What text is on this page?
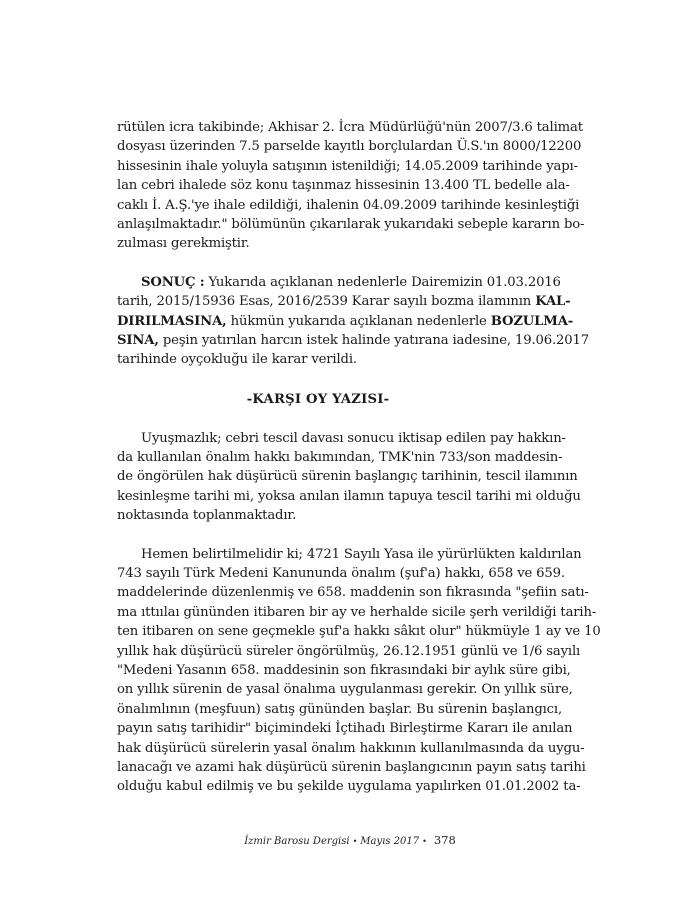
rütülen icra takibinde; Akhisar 2. İcra Müdürlüğü'nün 2007/3.6 talimat
dosyası üzerinden 7.5 parselde kayıtlı borçlulardan Ü.S.'ın 8000/12200
hissesinin ihale yoluyla satışının istenildiği; 14.05.2009 tarihinde yapı-
lan cebri ihalede söz konu taşınmaz hissesinin 13.400 TL bedelle ala-
caklı İ. A.Ş.'ye ihale edildiği, ihalenin 04.09.2009 tarihinde kesinleştiği
anlaşılmaktadır." bölümünün çıkarılarak yukarıdaki sebeple kararın bo-
zulması gerekmiştir.
SONUÇ : Yukarıda açıklanan nedenlerle Dairemizin 01.03.2016
tarih, 2015/15936 Esas, 2016/2539 Karar sayılı bozma ilamının KAL-
DIRILMASINA, hükmün yukarıda açıklanan nedenlerle BOZULMA-
SINA, peşin yatırılan harcın istek halinde yatırana iadesine, 19.06.2017
tarihinde oyçokluğu ile karar verildi.
-KARŞI OY YAZISI-
Uyuşmazlık; cebri tescil davası sonucu iktisap edilen pay hakkın-
da kullanılan önalım hakkı bakımından, TMK'nin 733/son maddesin-
de öngörülen hak düşürücü sürenin başlangıç tarihinin, tescil ilamının
kesinleşme tarihi mi, yoksa anılan ilamın tapuya tescil tarihi mi olduğu
noktasında toplanmaktadır.
Hemen belirtilmelidir ki; 4721 Sayılı Yasa ile yürürlükten kaldırılan
743 sayılı Türk Medeni Kanununda önalım (şuf'a) hakkı, 658 ve 659.
maddelerinde düzenlenmiş ve 658. maddenin son fıkrasında "şefiin satı-
ma ıttıılaı gününden itibaren bir ay ve herhalde sicile şerh verildiği tarih-
ten itibaren on sene geçmekle şuf'a hakkı sâkıt olur" hükmüyle 1 ay ve 10
yıllık hak düşürücü süreler öngörülmüş, 26.12.1951 günlü ve 1/6 sayılı
"Medeni Yasanın 658. maddesinin son fıkrasındaki bir aylık süre gibi,
on yıllık sürenin de yasal önalıma uygulanması gerekir. On yıllık süre,
önalımlının (meşfuun) satış gününden başlar. Bu sürenin başlangıcı,
payın satış tarihidir" biçimindeki İçtihadı Birleştirme Kararı ile anılan
hak düşürücü sürelerin yasal önalım hakkının kullanılmasında da uygu-
lanacağı ve azami hak düşürücü sürenin başlangıcının payın satış tarihi
olduğu kabul edilmiş ve bu şekilde uygulama yapılırken 01.01.2002 ta-
İzmir Barosu Dergisi • Mayıs 2017 • 378
